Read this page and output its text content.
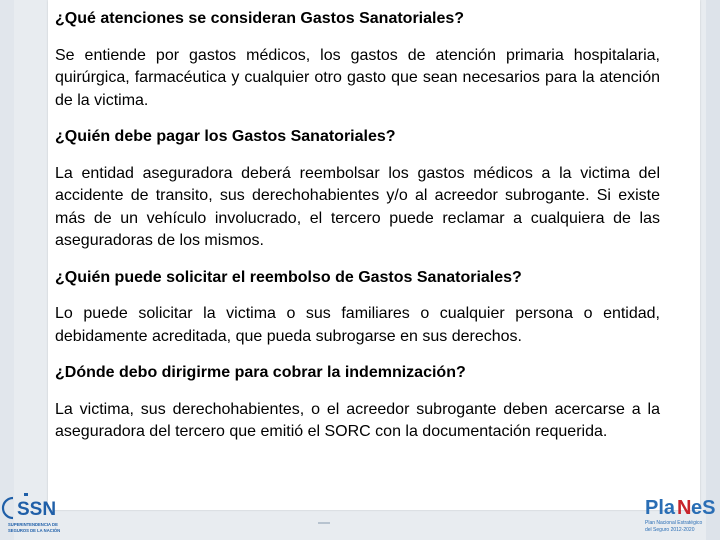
¿Qué atenciones se consideran Gastos Sanatoriales?

Se entiende por gastos médicos, los gastos de atención primaria hospitalaria, quirúrgica, farmacéutica y cualquier otro gasto que sean necesarios para la atención de la victima.

¿Quién debe pagar los Gastos Sanatoriales?

La entidad aseguradora deberá reembolsar los gastos médicos a la victima del accidente de transito, sus derechohabientes y/o al acreedor subrogante. Si existe más de un vehículo involucrado, el tercero puede reclamar a cualquiera de las aseguradoras de los mismos.

¿Quién puede solicitar el reembolso de Gastos Sanatoriales?

Lo puede solicitar la victima o sus familiares o cualquier persona o entidad, debidamente acreditada, que pueda subrogarse en sus derechos.

¿Dónde debo dirigirme para cobrar la indemnización?

La victima, sus derechohabientes, o el acreedor subrogante deben acercarse a la aseguradora del tercero que emitió el SORC con la documentación requerida.

SSN
SUPERINTENDENCIA DE
SEGUROS DE LA NACIÓN
Pla N eS
Plan Nacional Estratégico
del Seguro 2012-2020
